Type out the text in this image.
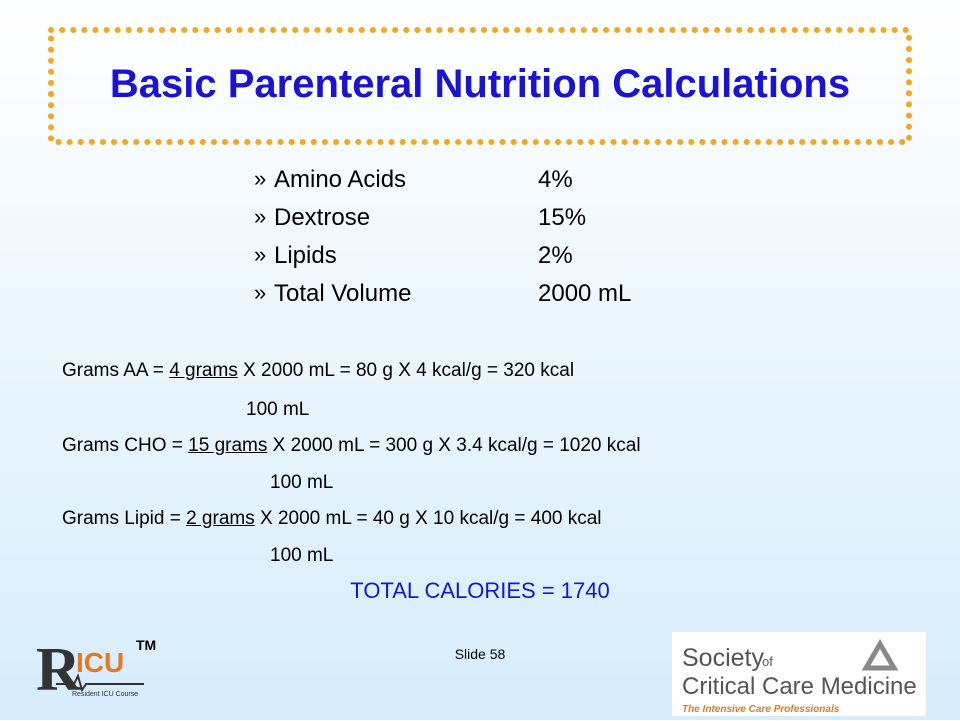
Basic Parenteral Nutrition Calculations
» Amino Acids	4%
» Dextrose	15%
» Lipids	2%
» Total Volume	2000 mL
Grams AA = 4 grams X 2000 mL = 80 g X 4 kcal/g = 320 kcal
100 mL
Grams CHO = 15 grams X 2000 mL = 300 g X 3.4 kcal/g = 1020 kcal
100 mL
Grams Lipid = 2 grams X 2000 mL = 40 g X 10 kcal/g = 400 kcal
100 mL
TOTAL CALORIES = 1740
Slide 58
R
ICU
TM
Resident ICU Course
Society
of
Critical Care Medicine
The Intensive Care Professionals
